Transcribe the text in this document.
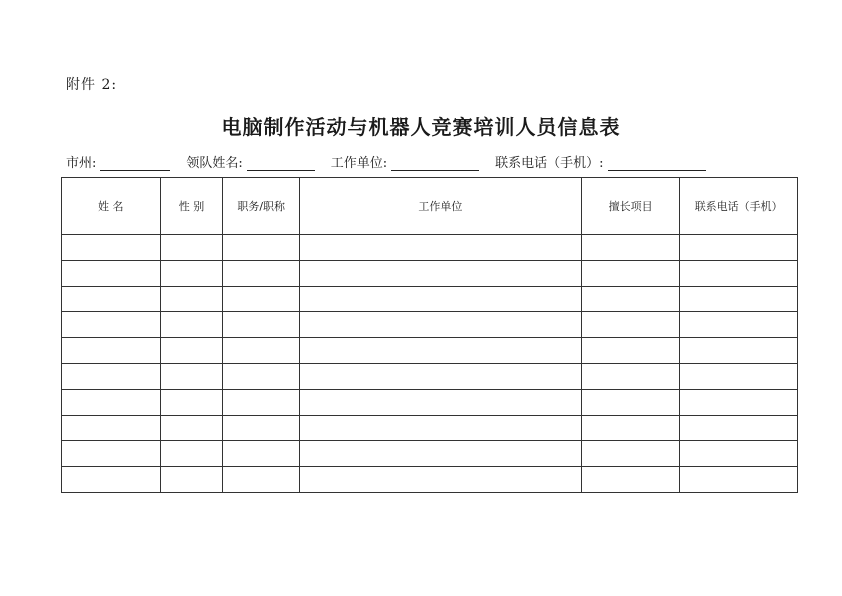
附件 2:
电脑制作活动与机器人竞赛培训人员信息表
市州:	领队姓名:	工作单位:	联系电话（手机）:
姓 名	性 别	职务/职称	工作单位	擅长项目	联系电话（手机）
